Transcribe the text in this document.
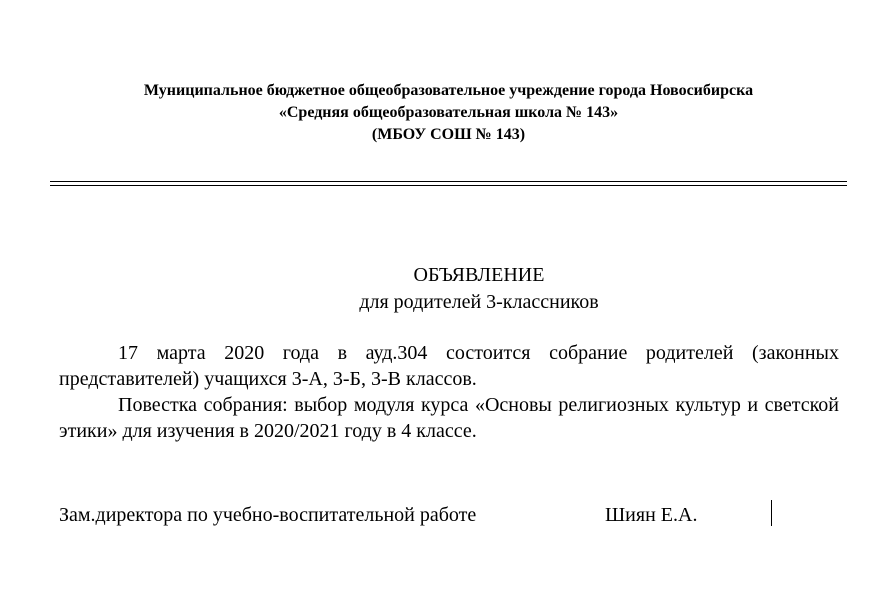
Муниципальное бюджетное общеобразовательное учреждение города Новосибирска
«Средняя общеобразовательная школа № 143»
(МБОУ СОШ № 143)
ОБЪЯВЛЕНИЕ
для родителей 3-классников

17 марта 2020 года в ауд.304 состоится собрание родителей (законных представителей) учащихся 3-А, 3-Б, 3-В классов.

Повестка собрания: выбор модуля курса «Основы религиозных культур и светской этики» для изучения в 2020/2021 году в 4 классе.

Зам.директора по учебно-воспитательной работе	Шиян Е.А.
